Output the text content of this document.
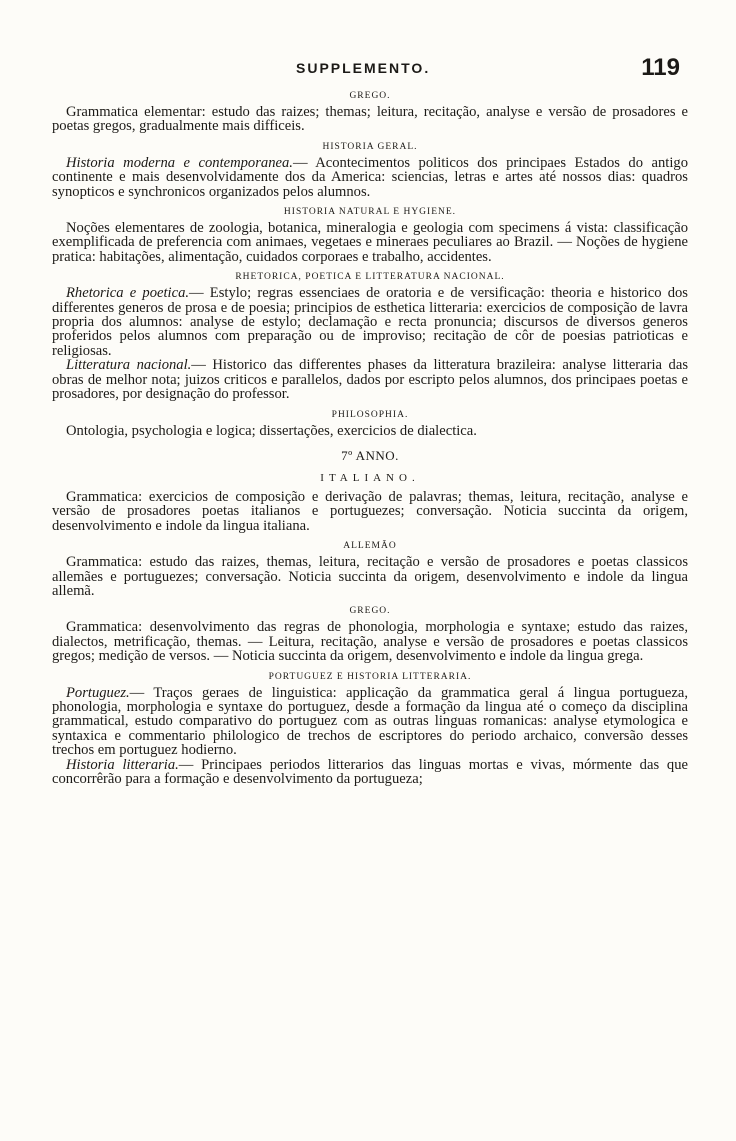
SUPPLEMENTO.	119
GREGO.

Grammatica elementar: estudo das raizes; themas; leitura, recitação, analyse e versão de prosadores e poetas gregos, gradualmente mais difficeis.

HISTORIA GERAL.

Historia moderna e contemporanea.— Acontecimentos politicos dos principaes Estados do antigo continente e mais desenvolvidamente dos da America: sciencias, letras e artes até nossos dias: quadros synopticos e synchronicos organizados pelos alumnos.

HISTORIA NATURAL E HYGIENE.

Noções elementares de zoologia, botanica, mineralogia e geologia com specimens á vista: classificação exemplificada de preferencia com animaes, vegetaes e mineraes peculiares ao Brazil. — Noções de hygiene pratica: habitações, alimentação, cuidados corporaes e trabalho, accidentes.

RHETORICA, POETICA E LITTERATURA NACIONAL.

Rhetorica e poetica.— Estylo; regras essenciaes de oratoria e de versificação: theoria e historico dos differentes generos de prosa e de poesia; principios de esthetica litteraria: exercicios de composição de lavra propria dos alumnos: analyse de estylo; declamação e recta pronuncia; discursos de diversos generos proferidos pelos alumnos com preparação ou de improviso; recitação de côr de poesias patrioticas e religiosas.

Litteratura nacional.— Historico das differentes phases da litteratura brazileira: analyse litteraria das obras de melhor nota; juizos criticos e parallelos, dados por escripto pelos alumnos, dos principaes poetas e prosadores, por designação do professor.

PHILOSOPHIA.

Ontologia, psychologia e logica; dissertações, exercicios de dialectica.

7º ANNO.
ITALIANO.

Grammatica: exercicios de composição e derivação de palavras; themas, leitura, recitação, analyse e versão de prosadores poetas italianos e portuguezes; conversação. Noticia succinta da origem, desenvolvimento e indole da lingua italiana.

ALLEMÃO

Grammatica: estudo das raizes, themas, leitura, recitação e versão de prosadores e poetas classicos allemães e portuguezes; conversação. Noticia succinta da origem, desenvolvimento e indole da lingua allemã.

GREGO.

Grammatica: desenvolvimento das regras de phonologia, morphologia e syntaxe; estudo das raizes, dialectos, metrificação, themas. — Leitura, recitação, analyse e versão de prosadores e poetas classicos gregos; medição de versos. — Noticia succinta da origem, desenvolvimento e indole da lingua grega.

PORTUGUEZ E HISTORIA LITTERARIA.

Portuguez.— Traços geraes de linguistica: applicação da grammatica geral á lingua portugueza, phonologia, morphologia e syntaxe do portuguez, desde a formação da lingua até o começo da disciplina grammatical, estudo comparativo do portuguez com as outras linguas romanicas: analyse etymologica e syntaxica e commentario philologico de trechos de escriptores do periodo archaico, conversão desses trechos em portuguez hodierno.

Historia litteraria.— Principaes periodos litterarios das linguas mortas e vivas, mórmente das que concorrêrão para a formação e desenvolvimento da portugueza;
